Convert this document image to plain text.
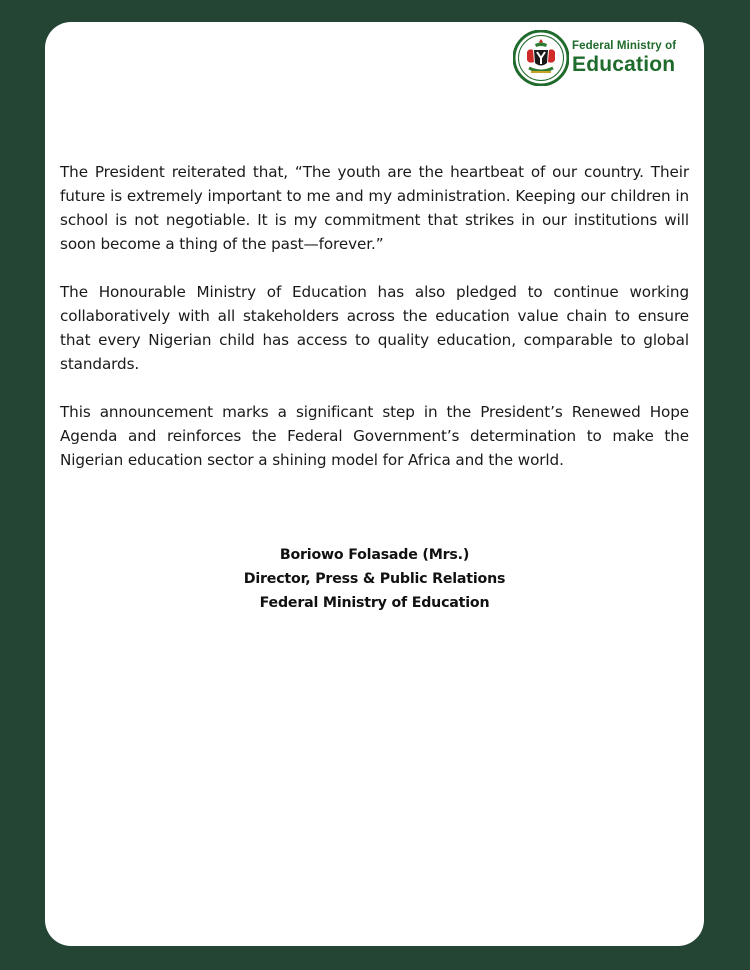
Federal Ministry of
Education

The President reiterated that, “The youth are the heartbeat of our country. Their future is extremely important to me and my administration. Keeping our children in school is not negotiable. It is my commitment that strikes in our institutions will soon become a thing of the past—forever.”

The Honourable Ministry of Education has also pledged to continue working collaboratively with all stakeholders across the education value chain to ensure that every Nigerian child has access to quality education, comparable to global standards.

This announcement marks a significant step in the President’s Renewed Hope Agenda and reinforces the Federal Government’s determination to make the Nigerian education sector a shining model for Africa and the world.

Boriowo Folasade (Mrs.)
Director, Press & Public Relations
Federal Ministry of Education
